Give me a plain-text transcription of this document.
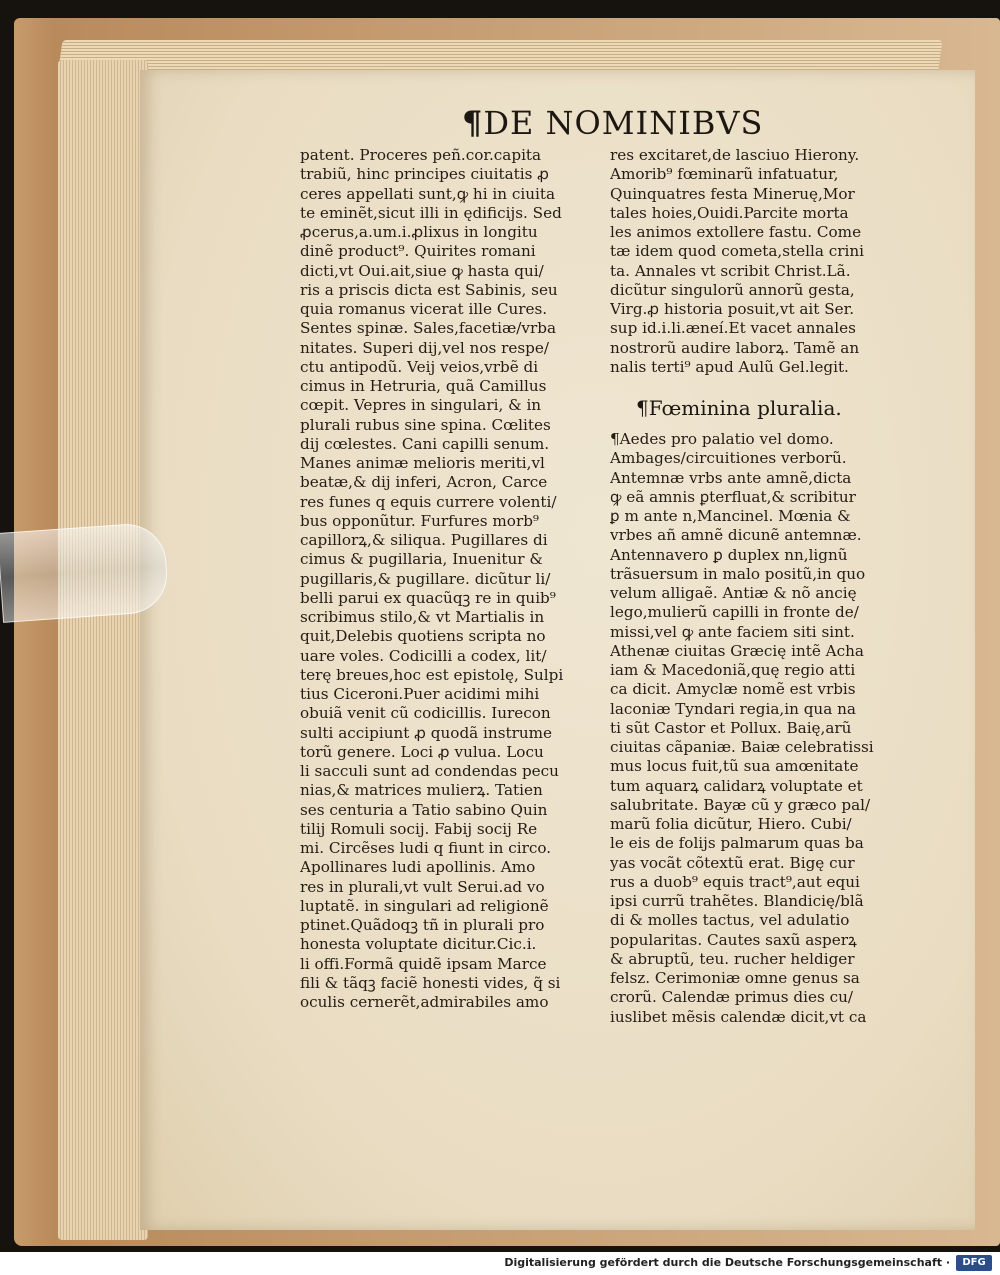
¶DE NOMINIBVS
patent. Proceres peñ.cor.capita
trabiũ, hinc principes ciuitatis ꝓ
ceres appellati sunt,ꝙ hi in ciuita
te eminẽt,sicut illi in ędificijs. Sed
ꝓcerus,a.um.i.ꝓlixus in longitu
dinẽ product⁹. Quirites romani
dicti,vt Oui.ait,siue ꝙ hasta qui/
ris a priscis dicta est Sabinis, seu
quia romanus vicerat ille Cures.
Sentes spinæ. Sales,facetiæ/vrba
nitates. Superi dij,vel nos respe/
ctu antipodũ. Veij veios,vrbẽ di
cimus in Hetruria, quã Camillus
cœpit. Vepres in singulari, & in
plurali rubus sine spina. Cœlites
dij cœlestes. Cani capilli senum.
Manes animæ melioris meriti,vl
beatæ,& dij inferi, Acron, Carce
res funes q equis currere volenti/
bus opponũtur. Furfures morb⁹
capillorꝝ,& siliqua. Pugillares di
cimus & pugillaria, Inuenitur &
pugillaris,& pugillare. dicũtur li/
belli parui ex quacũqꝫ re in quib⁹
scribimus stilo,& vt Martialis in
quit,Delebis quotiens scripta no
uare voles. Codicilli a codex, lit/
terę breues,hoc est epistolę, Sulpi
tius Ciceroni.Puer acidimi mihi
obuiã venit cũ codicillis. Iurecon
sulti accipiunt ꝓ quodã instrume
torũ genere. Loci ꝓ vulua. Locu
li sacculi sunt ad condendas pecu
nias,& matrices mulierꝝ. Tatien
ses centuria a Tatio sabino Quin
tilij Romuli socij. Fabij socij Re
mi. Circẽses ludi q fiunt in circo.
Apollinares ludi apollinis. Amo
res in plurali,vt vult Serui.ad vo
luptatẽ. in singulari ad religionẽ
ptinet.Quãdoqꝫ tñ in plurali pro
honesta voluptate dicitur.Cic.i.
li offi.Formã quidẽ ipsam Marce
fili & tãqꝫ faciẽ honesti vides, q̃ si
oculis cernerẽt,admirabiles amo
res excitaret,de lasciuo Hierony.
Amorib⁹ fœminarũ infatuatur,
Quinquatres festa Mineruę,Mor
tales hoies,Ouidi.Parcite morta
les animos extollere fastu. Come
tæ idem quod cometa,stella crini
ta. Annales vt scribit Christ.Lã.
dicũtur singulorũ annorũ gesta,
Virg.ꝓ historia posuit,vt ait Ser.
sup id.i.li.æneí.Et vacet annales
nostrorũ audire laborꝝ. Tamẽ an
nalis terti⁹ apud Aulũ Gel.legit.
¶Fœminina pluralia.
¶Aedes pro palatio vel domo.
Ambages/circuitiones verborũ.
Antemnæ vrbs ante amnẽ,dicta
ꝙ eã amnis ꝑterfluat,& scribitur
ꝑ m ante n,Mancinel. Mœnia &
vrbes añ amnẽ dicunẽ antemnæ.
Antennavero ꝑ duplex nn,lignũ
trãsuersum in malo positũ,in quo
velum alligaẽ. Antiæ & nõ ancię
lego,mulierũ capilli in fronte de/
missi,vel ꝙ ante faciem siti sint.
Athenæ ciuitas Græcię intẽ Acha
iam & Macedoniã,quę regio atti
ca dicit. Amyclæ nomẽ est vrbis
laconiæ Tyndari regia,in qua na
ti sũt Castor et Pollux. Baię,arũ
ciuitas cãpaniæ. Baiæ celebratissi
mus locus fuit,tũ sua amœnitate
tum aquarꝝ calidarꝝ voluptate et
salubritate. Bayæ cũ y græco pal/
marũ folia dicũtur, Hiero. Cubi/
le eis de folijs palmarum quas ba
yas vocãt cõtextũ erat. Bigę cur
rus a duob⁹ equis tract⁹,aut equi
ipsi currũ trahẽtes. Blandicię/blã
di & molles tactus, vel adulatio
popularitas. Cautes saxũ asperꝝ
& abruptũ, teu. rucher heldiger
felsz. Cerimoniæ omne genus sa
crorũ. Calendæ primus dies cu/
iuslibet mẽsis calendæ dicit,vt ca
Digitalisierung gefördert durch die Deutsche Forschungsgemeinschaft ·	DFG
